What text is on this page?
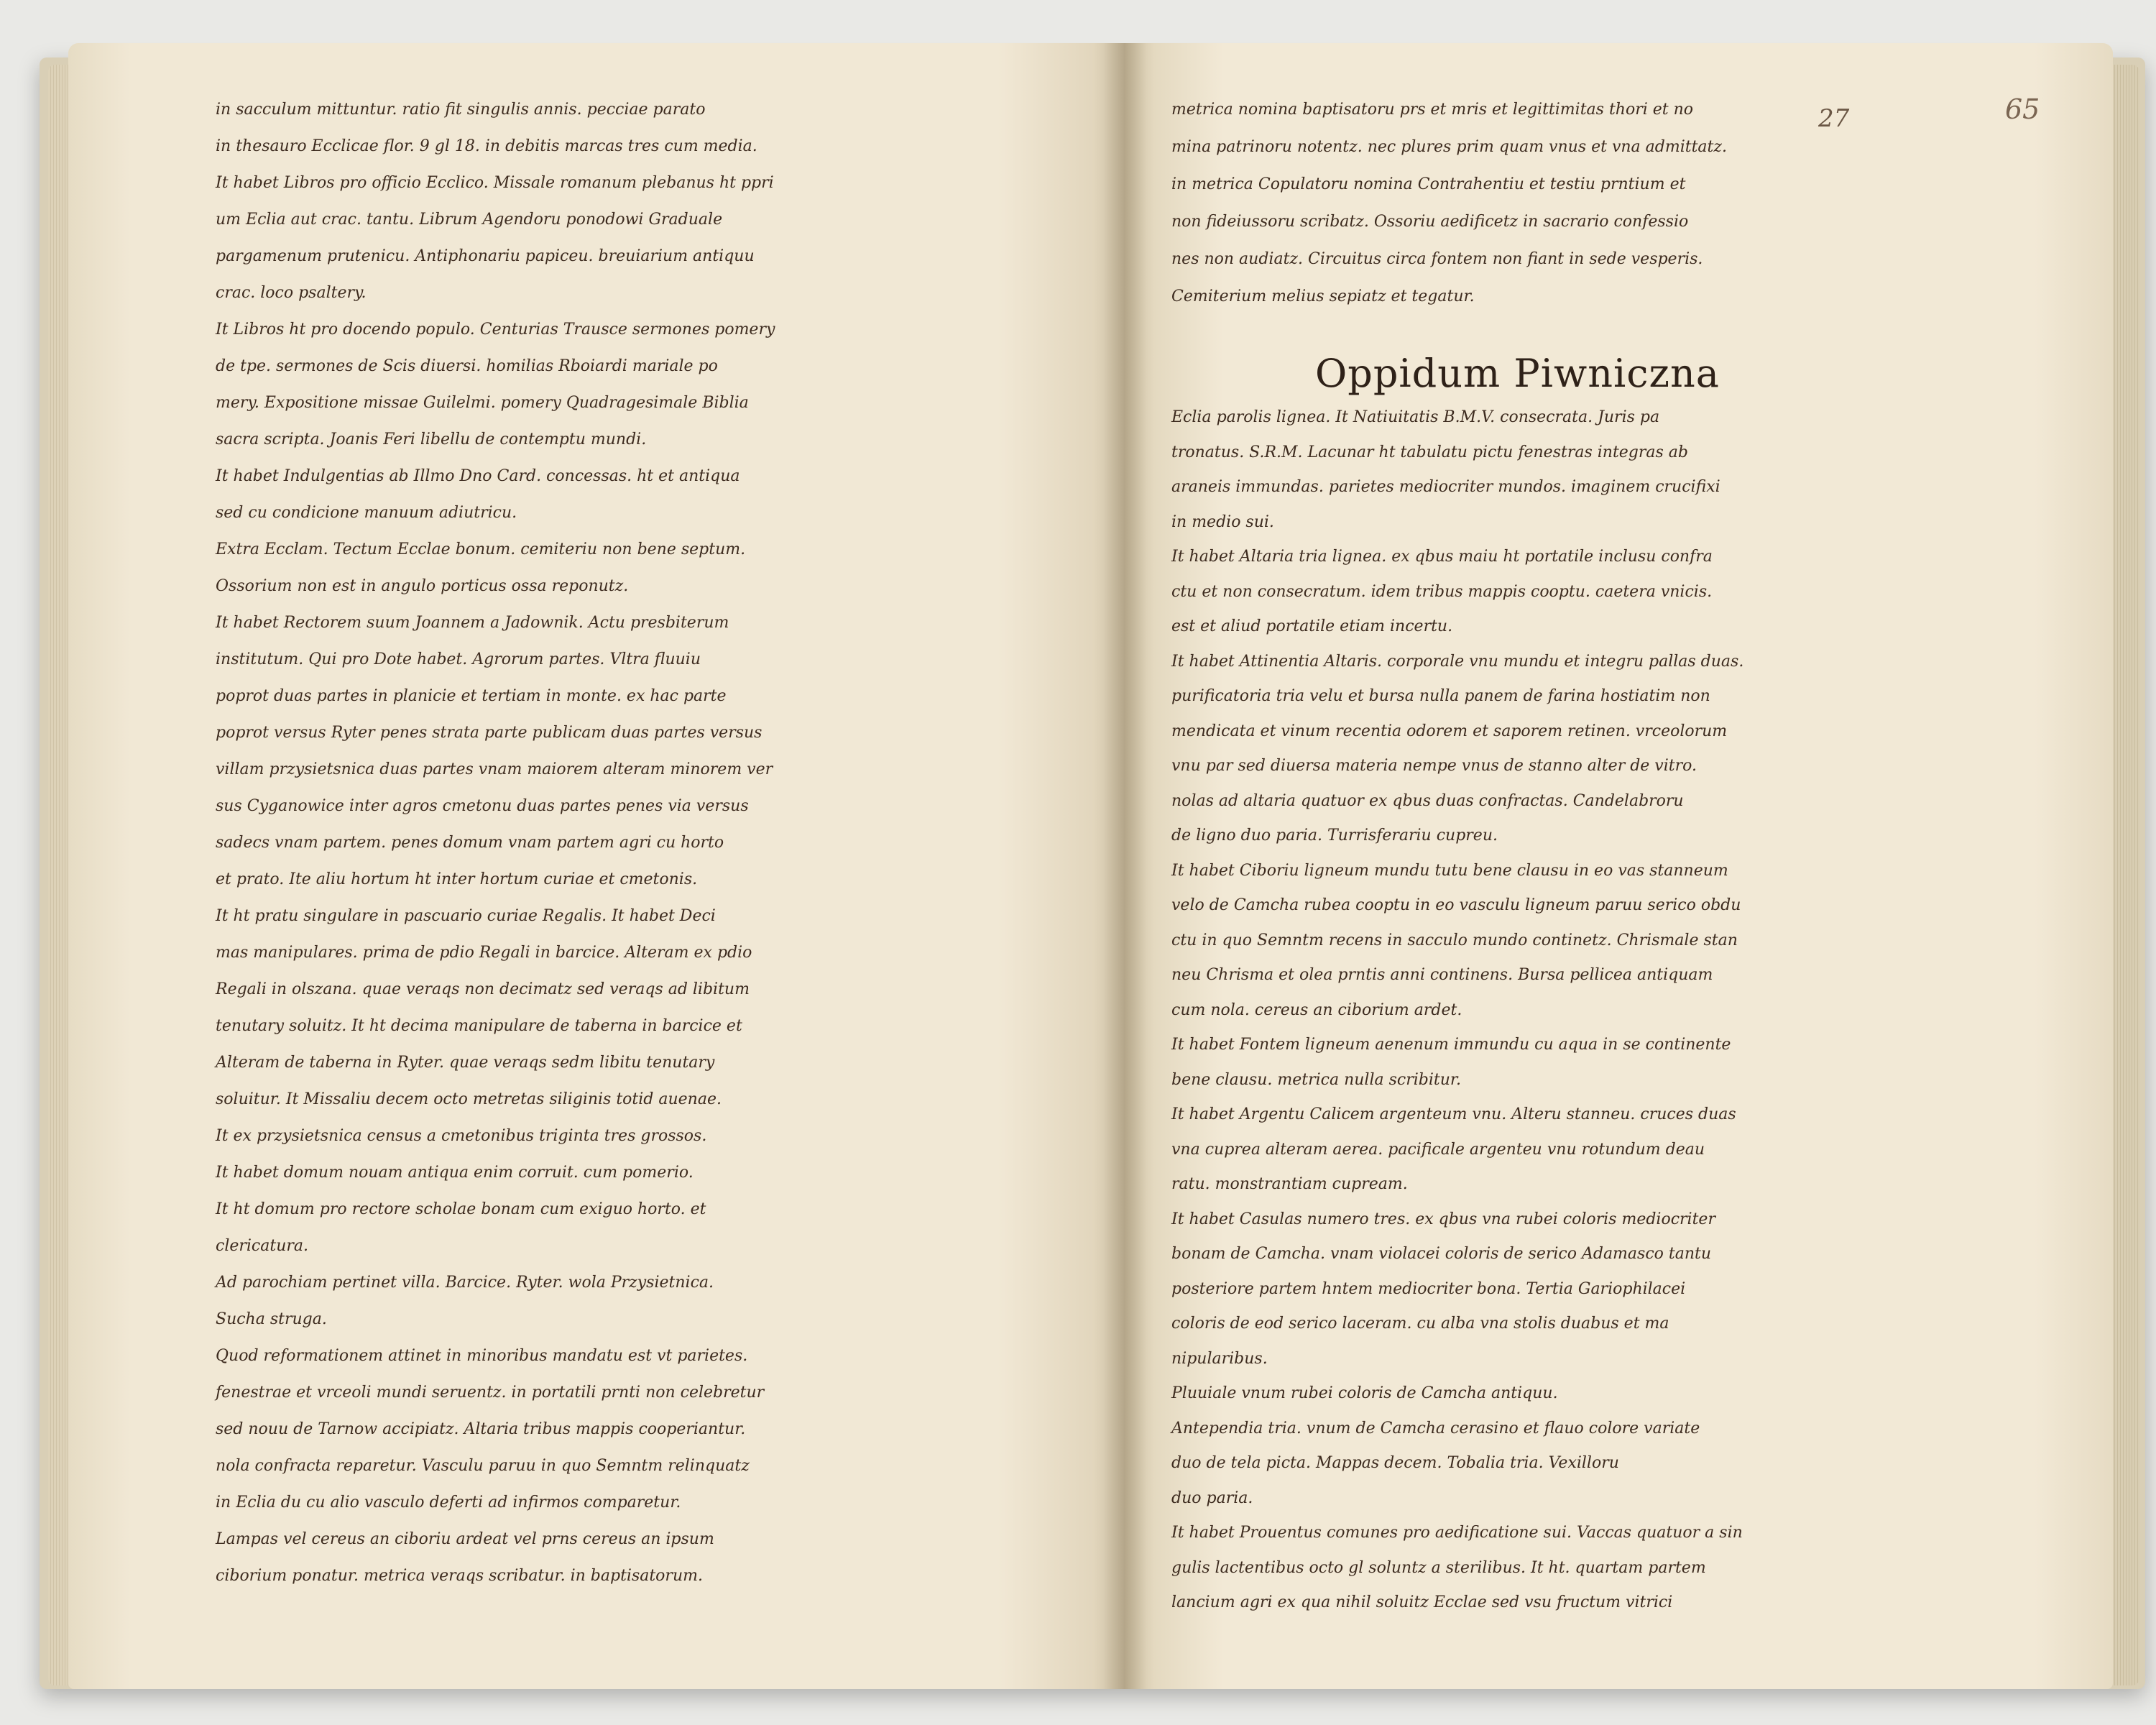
27	65
in sacculum mittuntur. ratio fit singulis annis. pecciae parato
in thesauro Ecclicae flor. 9 gl 18. in debitis marcas tres cum media.
It habet Libros pro officio Ecclico. Missale romanum plebanus ht ppri
um Eclia aut crac. tantu. Librum Agendoru ponodowi Graduale
pargamenum prutenicu. Antiphonariu papiceu. breuiarium antiquu
crac. loco psaltery.
It Libros ht pro docendo populo. Centurias Trausce sermones pomery
de tpe. sermones de Scis diuersi. homilias Rboiardi mariale po
mery. Expositione missae Guilelmi. pomery Quadragesimale Biblia
sacra scripta. Joanis Feri libellu de contemptu mundi.
It habet Indulgentias ab Illmo Dno Card. concessas. ht et antiqua
sed cu condicione manuum adiutricu.
Extra Ecclam. Tectum Ecclae bonum. cemiteriu non bene septum.
Ossorium non est in angulo porticus ossa reponutz.
It habet Rectorem suum Joannem a Jadownik. Actu presbiterum
institutum. Qui pro Dote habet. Agrorum partes. Vltra fluuiu
poprot duas partes in planicie et tertiam in monte. ex hac parte
poprot versus Ryter penes strata parte publicam duas partes versus
villam przysietsnica duas partes vnam maiorem alteram minorem ver
sus Cyganowice inter agros cmetonu duas partes penes via versus
sadecs vnam partem. penes domum vnam partem agri cu horto
et prato. Ite aliu hortum ht inter hortum curiae et cmetonis.
It ht pratu singulare in pascuario curiae Regalis. It habet Deci
mas manipulares. prima de pdio Regali in barcice. Alteram ex pdio
Regali in olszana. quae veraqs non decimatz sed veraqs ad libitum
tenutary soluitz. It ht decima manipulare de taberna in barcice et
Alteram de taberna in Ryter. quae veraqs sedm libitu tenutary
soluitur. It Missaliu decem octo metretas siliginis totid auenae.
It ex przysietsnica census a cmetonibus triginta tres grossos.
It habet domum nouam antiqua enim corruit. cum pomerio.
It ht domum pro rectore scholae bonam cum exiguo horto. et
clericatura.
Ad parochiam pertinet villa. Barcice. Ryter. wola Przysietnica.
Sucha struga.
Quod reformationem attinet in minoribus mandatu est vt parietes.
fenestrae et vrceoli mundi seruentz. in portatili prnti non celebretur
sed nouu de Tarnow accipiatz. Altaria tribus mappis cooperiantur.
nola confracta reparetur. Vasculu paruu in quo Semntm relinquatz
in Eclia du cu alio vasculo deferti ad infirmos comparetur.
Lampas vel cereus an ciboriu ardeat vel prns cereus an ipsum
ciborium ponatur. metrica veraqs scribatur. in baptisatorum.
metrica nomina baptisatoru prs et mris et legittimitas thori et no
mina patrinoru notentz. nec plures prim quam vnus et vna admittatz.
in metrica Copulatoru nomina Contrahentiu et testiu prntium et
non fideiussoru scribatz. Ossoriu aedificetz in sacrario confessio
nes non audiatz. Circuitus circa fontem non fiant in sede vesperis.
Cemiterium melius sepiatz et tegatur.
Oppidum Piwniczna
Eclia parolis lignea. It Natiuitatis B.M.V. consecrata. Juris pa
tronatus. S.R.M. Lacunar ht tabulatu pictu fenestras integras ab
araneis immundas. parietes mediocriter mundos. imaginem crucifixi
in medio sui.
It habet Altaria tria lignea. ex qbus maiu ht portatile inclusu confra
ctu et non consecratum. idem tribus mappis cooptu. caetera vnicis.
est et aliud portatile etiam incertu.
It habet Attinentia Altaris. corporale vnu mundu et integru pallas duas.
purificatoria tria velu et bursa nulla panem de farina hostiatim non
mendicata et vinum recentia odorem et saporem retinen. vrceolorum
vnu par sed diuersa materia nempe vnus de stanno alter de vitro.
nolas ad altaria quatuor ex qbus duas confractas. Candelabroru
de ligno duo paria. Turrisferariu cupreu.
It habet Ciboriu ligneum mundu tutu bene clausu in eo vas stanneum
velo de Camcha rubea cooptu in eo vasculu ligneum paruu serico obdu
ctu in quo Semntm recens in sacculo mundo continetz. Chrismale stan
neu Chrisma et olea prntis anni continens. Bursa pellicea antiquam
cum nola. cereus an ciborium ardet.
It habet Fontem ligneum aenenum immundu cu aqua in se continente
bene clausu. metrica nulla scribitur.
It habet Argentu Calicem argenteum vnu. Alteru stanneu. cruces duas
vna cuprea alteram aerea. pacificale argenteu vnu rotundum deau
ratu. monstrantiam cupream.
It habet Casulas numero tres. ex qbus vna rubei coloris mediocriter
bonam de Camcha. vnam violacei coloris de serico Adamasco tantu
posteriore partem hntem mediocriter bona. Tertia Gariophilacei
coloris de eod serico laceram. cu alba vna stolis duabus et ma
nipularibus.
Pluuiale vnum rubei coloris de Camcha antiquu.
Antependia tria. vnum de Camcha cerasino et flauo colore variate
duo de tela picta. Mappas decem. Tobalia tria. Vexilloru
duo paria.
It habet Prouentus comunes pro aedificatione sui. Vaccas quatuor a sin
gulis lactentibus octo gl soluntz a sterilibus. It ht. quartam partem
lancium agri ex qua nihil soluitz Ecclae sed vsu fructum vitrici
